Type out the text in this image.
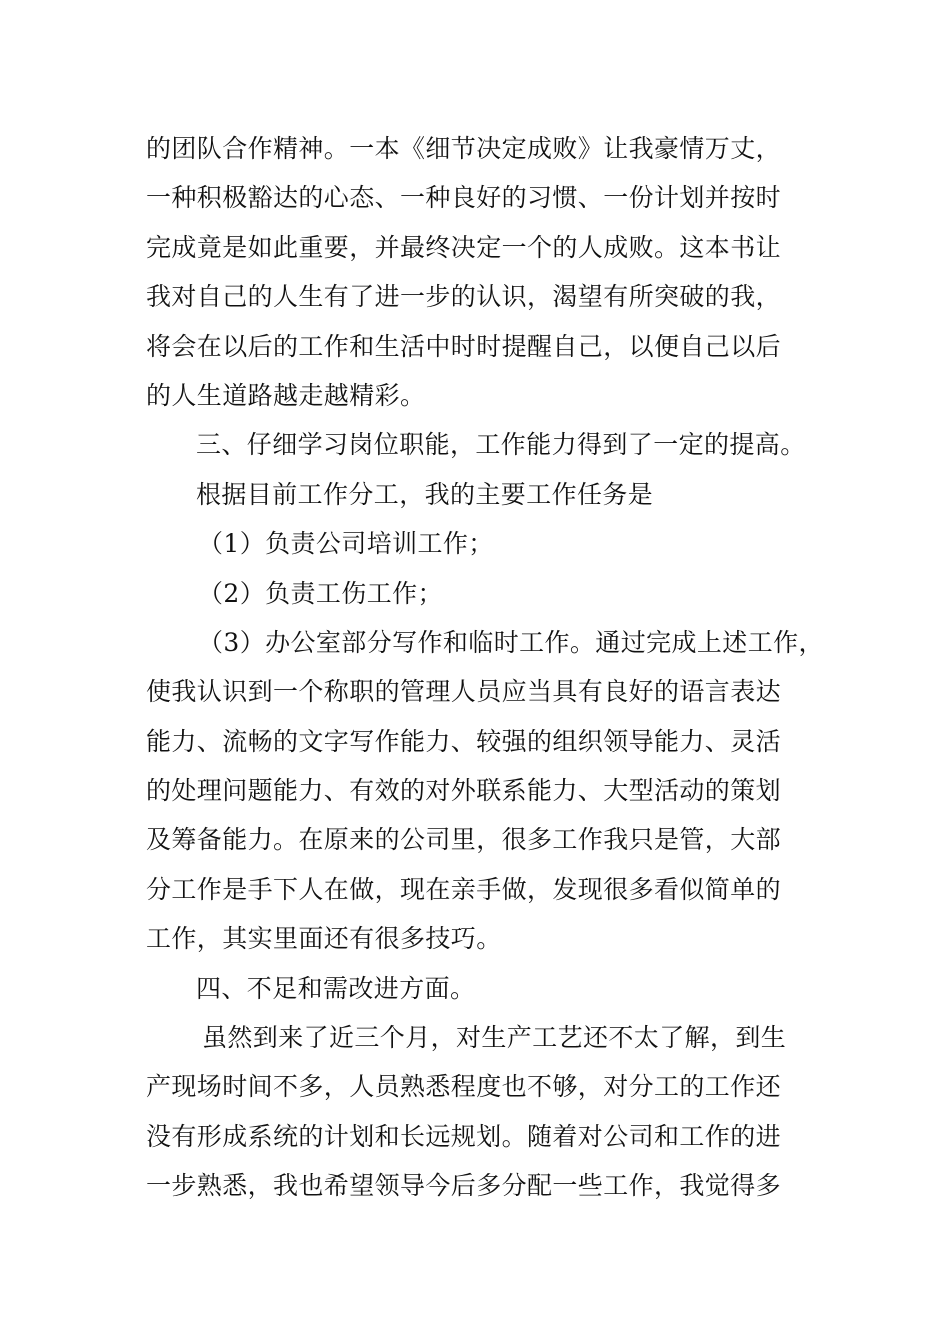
的团队合作精神。一本《细节决定成败》让我豪情万丈，
一种积极豁达的心态、一种良好的习惯、一份计划并按时
完成竟是如此重要，并最终决定一个的人成败。这本书让
我对自己的人生有了进一步的认识，渴望有所突破的我，
将会在以后的工作和生活中时时提醒自己，以便自己以后
的人生道路越走越精彩。
三、仔细学习岗位职能，工作能力得到了一定的提高。
根据目前工作分工，我的主要工作任务是
（1）负责公司培训工作；
（2）负责工伤工作；
（3）办公室部分写作和临时工作。通过完成上述工作，
使我认识到一个称职的管理人员应当具有良好的语言表达
能力、流畅的文字写作能力、较强的组织领导能力、灵活
的处理问题能力、有效的对外联系能力、大型活动的策划
及筹备能力。在原来的公司里，很多工作我只是管，大部
分工作是手下人在做，现在亲手做，发现很多看似简单的
工作，其实里面还有很多技巧。
四、不足和需改进方面。
虽然到来了近三个月，对生产工艺还不太了解，到生
产现场时间不多，人员熟悉程度也不够，对分工的工作还
没有形成系统的计划和长远规划。随着对公司和工作的进
一步熟悉，我也希望领导今后多分配一些工作，我觉得多
